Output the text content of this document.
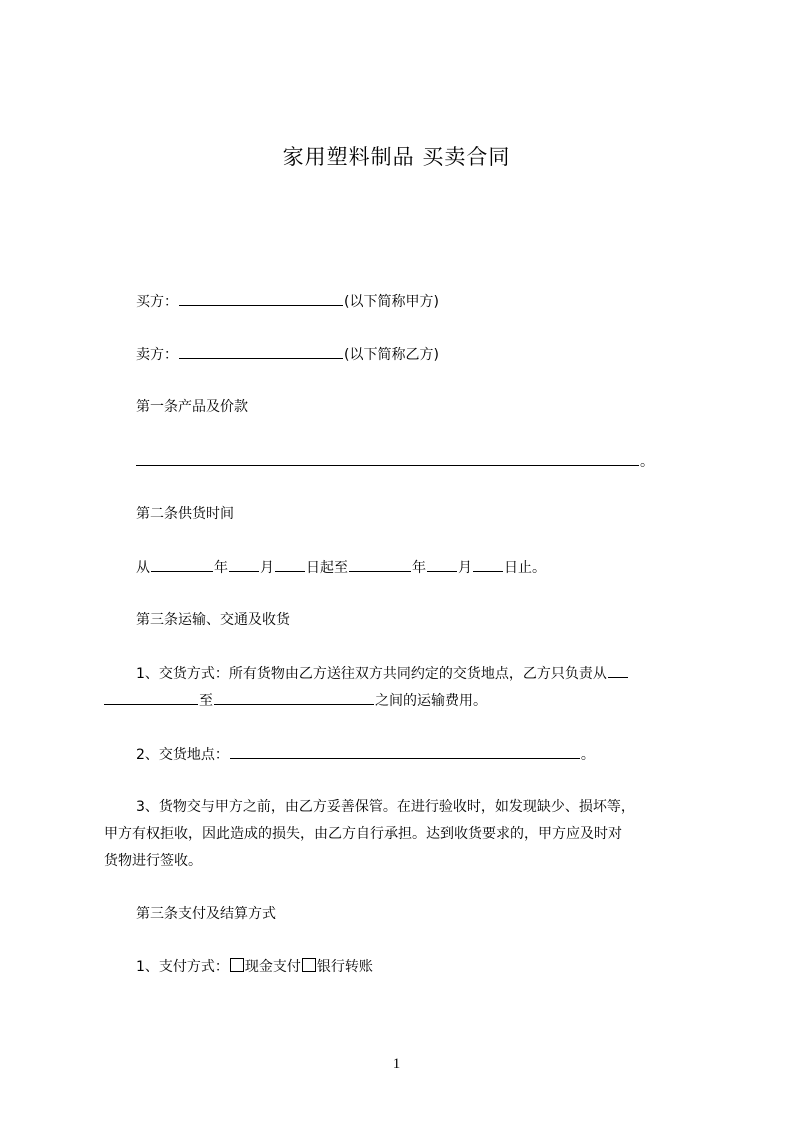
家用塑料制品 买卖合同
买方：	(以下简称甲方)
卖方：	(以下简称乙方)
第一条产品及价款
。
第二条供货时间
从	年 月 日起至	年 月 日止。
第三条运输、交通及收货
1、交货方式：所有货物由乙方送往双方共同约定的交货地点，乙方只负责从
至	之间的运输费用。
2、交货地点：	。
3、货物交与甲方之前，由乙方妥善保管。在进行验收时，如发现缺少、损坏等，
甲方有权拒收，因此造成的损失，由乙方自行承担。达到收货要求的，甲方应及时对
货物进行签收。
第三条支付及结算方式
1、支付方式： 现金支付 银行转账
1
